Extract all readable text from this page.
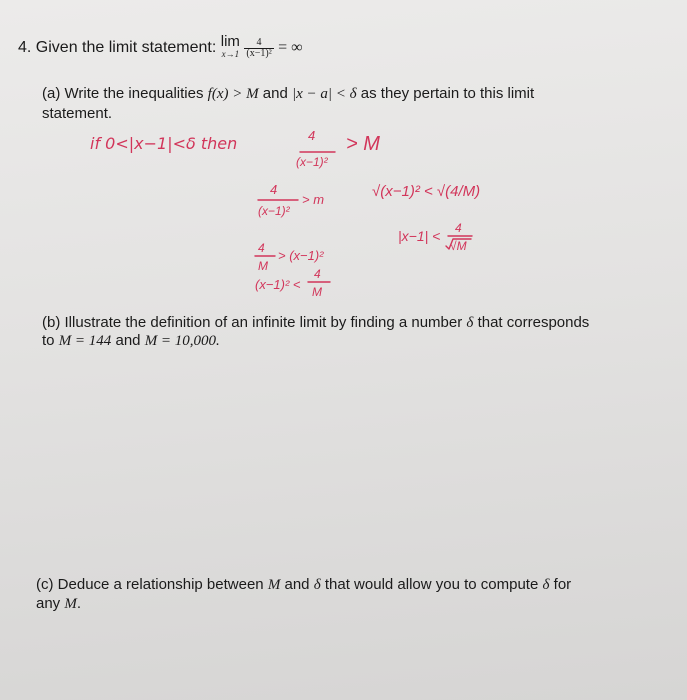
4. Given the limit statement: lim
x→1
$\frac{4}{\text{(x−1)²}}$ = ∞
(a) Write the inequalities f(x) > M and |x − a| < δ as they pertain to this limit
statement.
if 0<|x−1|<δ then	4
(x−1)²
> M
4
(x−1)²
> m
4
M
> (x−1)²
(x−1)² <
4
M
√(x−1)² < √(4/M)
|x−1| < 4
√M
(b) Illustrate the definition of an infinite limit by finding a number δ that corresponds
to M = 144 and M = 10,000.
(c) Deduce a relationship between M and δ that would allow you to compute δ for
any M.
